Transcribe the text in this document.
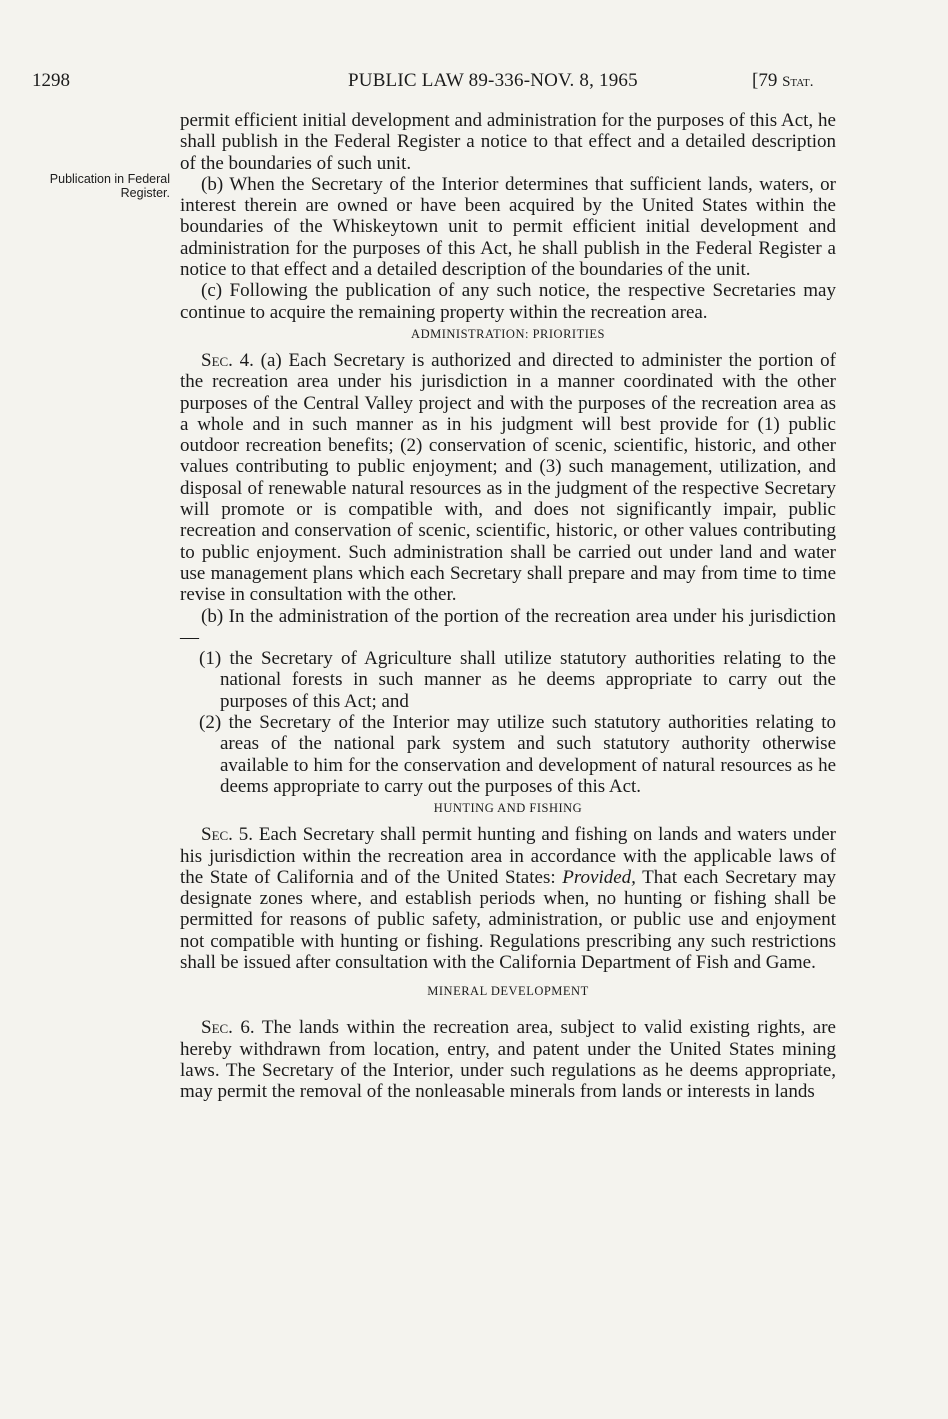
1298	PUBLIC LAW 89-336-NOV. 8, 1965	[79 Stat.
Publication in Federal Register.

permit efficient initial development and administration for the purposes of this Act, he shall publish in the Federal Register a notice to that effect and a detailed description of the boundaries of such unit.

(b) When the Secretary of the Interior determines that sufficient lands, waters, or interest therein are owned or have been acquired by the United States within the boundaries of the Whiskeytown unit to permit efficient initial development and administration for the purposes of this Act, he shall publish in the Federal Register a notice to that effect and a detailed description of the boundaries of the unit.

(c) Following the publication of any such notice, the respective Secretaries may continue to acquire the remaining property within the recreation area.

ADMINISTRATION: PRIORITIES

Sec. 4. (a) Each Secretary is authorized and directed to administer the portion of the recreation area under his jurisdiction in a manner coordinated with the other purposes of the Central Valley project and with the purposes of the recreation area as a whole and in such manner as in his judgment will best provide for (1) public outdoor recreation benefits; (2) conservation of scenic, scientific, historic, and other values contributing to public enjoyment; and (3) such management, utilization, and disposal of renewable natural resources as in the judgment of the respective Secretary will promote or is compatible with, and does not significantly impair, public recreation and conservation of scenic, scientific, historic, or other values contributing to public enjoyment. Such administration shall be carried out under land and water use management plans which each Secretary shall prepare and may from time to time revise in consultation with the other.

(b) In the administration of the portion of the recreation area under his jurisdiction—

(1) the Secretary of Agriculture shall utilize statutory authorities relating to the national forests in such manner as he deems appropriate to carry out the purposes of this Act; and

(2) the Secretary of the Interior may utilize such statutory authorities relating to areas of the national park system and such statutory authority otherwise available to him for the conservation and development of natural resources as he deems appropriate to carry out the purposes of this Act.

HUNTING AND FISHING

Sec. 5. Each Secretary shall permit hunting and fishing on lands and waters under his jurisdiction within the recreation area in accordance with the applicable laws of the State of California and of the United States: Provided, That each Secretary may designate zones where, and establish periods when, no hunting or fishing shall be permitted for reasons of public safety, administration, or public use and enjoyment not compatible with hunting or fishing. Regulations prescribing any such restrictions shall be issued after consultation with the California Department of Fish and Game.

MINERAL DEVELOPMENT

Sec. 6. The lands within the recreation area, subject to valid existing rights, are hereby withdrawn from location, entry, and patent under the United States mining laws. The Secretary of the Interior, under such regulations as he deems appropriate, may permit the removal of the nonleasable minerals from lands or interests in lands
